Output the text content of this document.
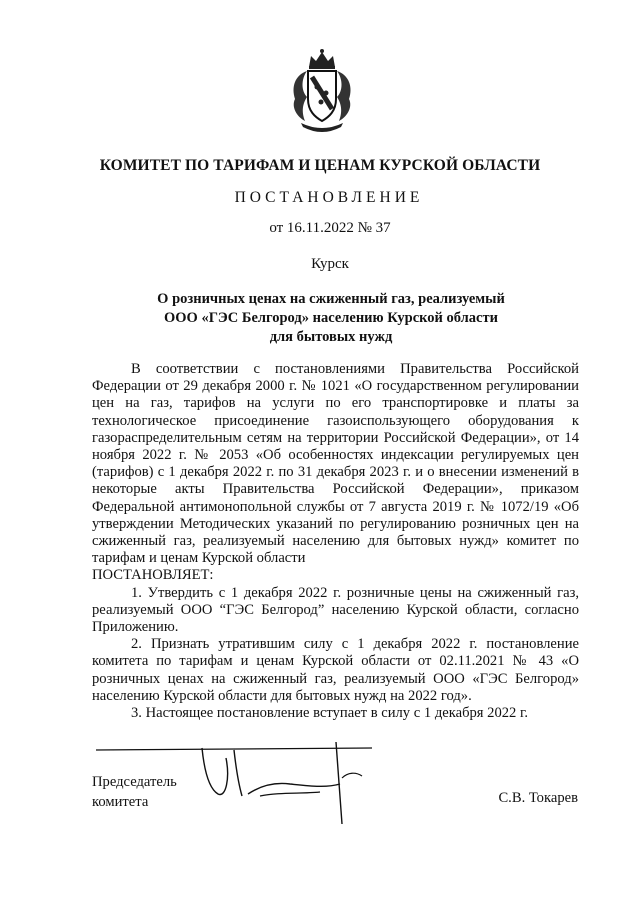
КОМИТЕТ ПО ТАРИФАМ И ЦЕНАМ КУРСКОЙ ОБЛАСТИ
ПОСТАНОВЛЕНИЕ
от 16.11.2022 № 37
Курск
О розничных ценах на сжиженный газ, реализуемый
ООО «ГЭС Белгород» населению Курской области
для бытовых нужд

В соответствии с постановлениями Правительства Российской Федерации от 29 декабря 2000 г. № 1021 «О государственном регулировании цен на газ, тарифов на услуги по его транспортировке и платы за технологическое присоединение газоиспользующего оборудования к газораспределительным сетям на территории Российской Федерации», от 14 ноября 2022 г. № 2053 «Об особенностях индексации регулируемых цен (тарифов) с 1 декабря 2022 г. по 31 декабря 2023 г. и о внесении изменений в некоторые акты Правительства Российской Федерации», приказом Федеральной антимонопольной службы от 7 августа 2019 г. № 1072/19 «Об утверждении Методических указаний по регулированию розничных цен на сжиженный газ, реализуемый населению для бытовых нужд» комитет по тарифам и ценам Курской области

ПОСТАНОВЛЯЕТ:

1. Утвердить с 1 декабря 2022 г. розничные цены на сжиженный газ, реализуемый ООО “ГЭС Белгород” населению Курской области, согласно Приложению.

2. Признать утратившим силу с 1 декабря 2022 г. постановление комитета по тарифам и ценам Курской области от 02.11.2021 № 43 «О розничных ценах на сжиженный газ, реализуемый ООО «ГЭС Белгород» населению Курской области для бытовых нужд на 2022 год».

3. Настоящее постановление вступает в силу с 1 декабря 2022 г.

Председатель
комитета	С.В. Токарев
